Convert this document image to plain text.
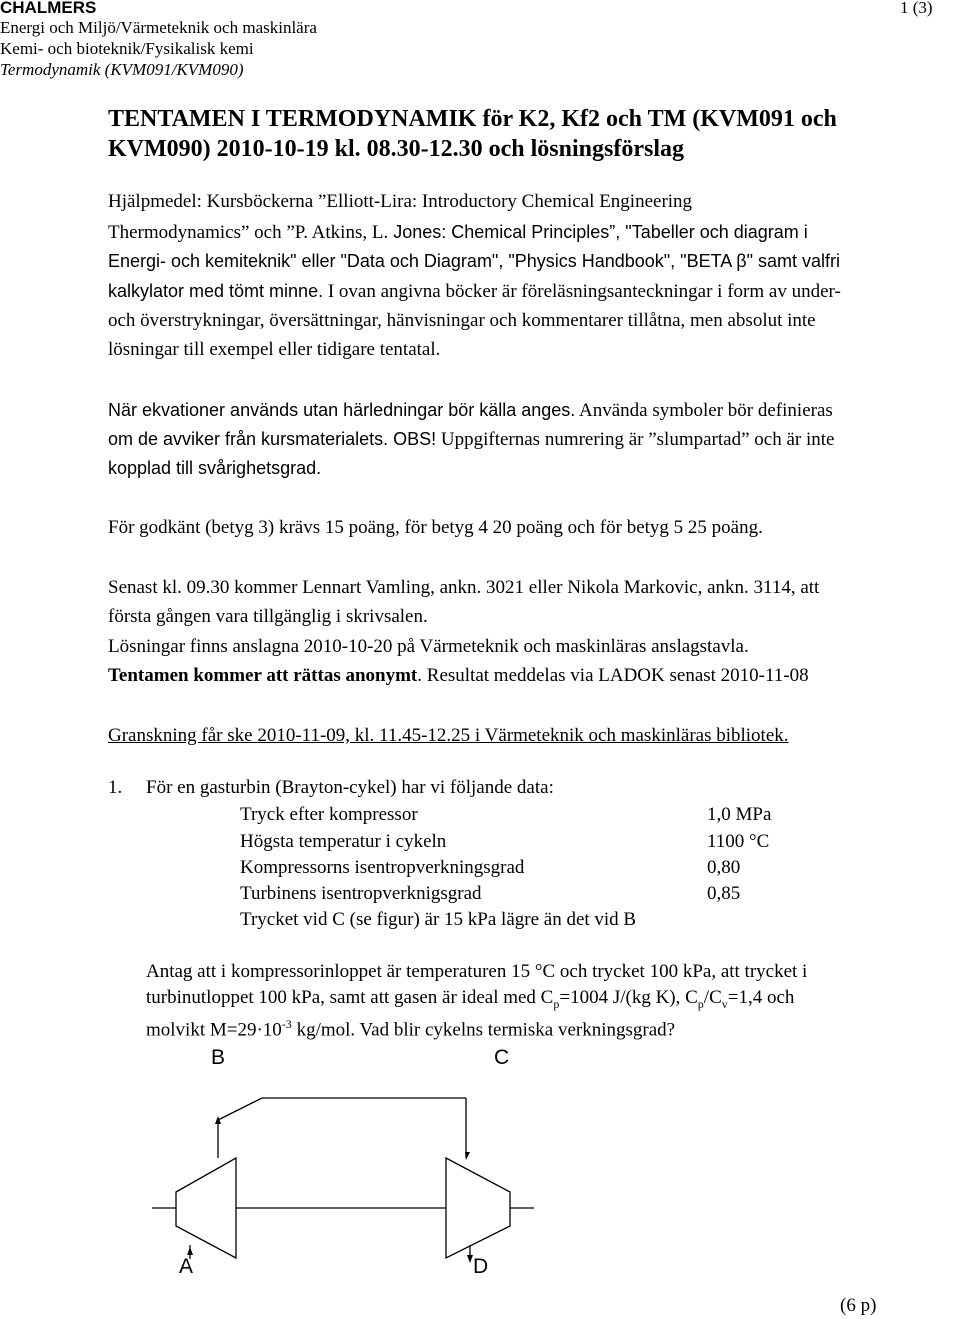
CHALMERS	1 (3)
Energi och Miljö/Värmeteknik och maskinlära
Kemi- och bioteknik/Fysikalisk kemi
Termodynamik (KVM091/KVM090)
TENTAMEN I TERMODYNAMIK för K2, Kf2 och TM (KVM091 och
KVM090) 2010-10-19 kl. 08.30-12.30 och lösningsförslag
Hjälpmedel: Kursböckerna ”Elliott-Lira: Introductory Chemical Engineering
Thermodynamics” och ”P. Atkins, L. Jones: Chemical Principles”, "Tabeller och diagram i
Energi- och kemiteknik" eller "Data och Diagram", "Physics Handbook", "BETA β" samt valfri
kalkylator med tömt minne. I ovan angivna böcker är föreläsningsanteckningar i form av under-
och överstrykningar, översättningar, hänvisningar och kommentarer tillåtna, men absolut inte
lösningar till exempel eller tidigare tentatal.
När ekvationer används utan härledningar bör källa anges. Använda symboler bör definieras
om de avviker från kursmaterialets. OBS! Uppgifternas numrering är ”slumpartad” och är inte
kopplad till svårighetsgrad.
För godkänt (betyg 3) krävs 15 poäng, för betyg 4 20 poäng och för betyg 5 25 poäng.
Senast kl. 09.30 kommer Lennart Vamling, ankn. 3021 eller Nikola Markovic, ankn. 3114, att
första gången vara tillgänglig i skrivsalen.
Lösningar finns anslagna 2010-10-20 på Värmeteknik och maskinläras anslagstavla.
Tentamen kommer att rättas anonymt. Resultat meddelas via LADOK senast 2010-11-08
Granskning får ske 2010-11-09, kl. 11.45-12.25 i Värmeteknik och maskinläras bibliotek.
1. För en gasturbin (Brayton-cykel) har vi följande data:
Tryck efter kompressor	1,0 MPa
Högsta temperatur i cykeln	1100 °C
Kompressorns isentropverkningsgrad	0,80
Turbinens isentropverknigsgrad	0,85
Trycket vid C (se figur) är 15 kPa lägre än det vid B
Antag att i kompressorinloppet är temperaturen 15 °C och trycket 100 kPa, att trycket i
turbinutloppet 100 kPa, samt att gasen är ideal med $C_p=1004$ J/(kg K), $C_p/C_v=1,4$ och
molvikt $M=29\cdot 10^{-3}$ kg/mol. Vad blir cykelns termiska verkningsgrad?
B	C
A	D
(6 p)
